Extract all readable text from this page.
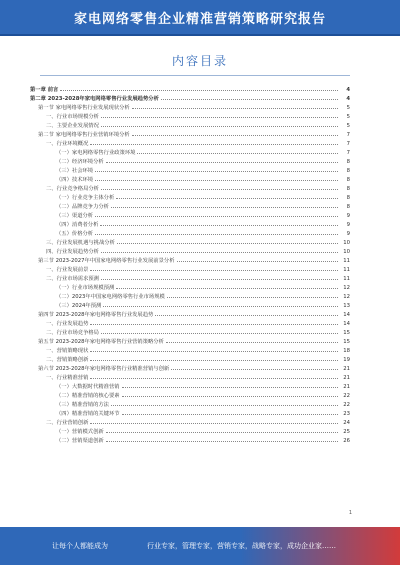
家电网络零售企业精准营销策略研究报告
内容目录
第一章 前言	4
第二章 2023-2028年家电网络零售行业发展趋势分析	4
第一节 家电网络零售行业发展现状分析	5
一、行业市场规模分析	5
二、主要企业发展情况	5
第二节 家电网络零售行业营销环境分析	7
一、行业环境概况	7
（一）家电网络零售行业政策环境	7
（二）经济环境分析	8
（三）社会环境	8
（四）技术环境	8
二、行业竞争格局分析	8
（一）行业竞争主体分析	8
（二）品牌竞争力分析	8
（三）渠道分析	9
（四）消费者分析	9
（五）价格分析	9
三、行业发展机遇与挑战分析	10
四、行业发展趋势分析	10
第三节 2023-2027年中国家电网络零售行业发展前景分析	11
一、行业发展前景	11
二、行业市场需求预测	11
（一）行业市场规模预测	12
（二）2023年中国家电网络零售行业市场规模	12
（三）2024年预测	13
第四节 2023-2028年家电网络零售行业发展趋势	14
一、行业发展趋势	14
二、行业市场竞争格局	15
第五节 2023-2028年家电网络零售行业营销策略分析	15
一、营销策略现状	18
二、营销策略创新	19
第六节 2023-2028年家电网络零售行业精准营销与创新	21
一、行业精准营销	21
（一）大数据时代精准营销	21
（二）精准营销的核心要素	22
（三）精准营销的方法	22
（四）精准营销的关键环节	23
二、行业营销创新	24
（一）营销模式创新	25
（二）营销渠道创新	26
1
让每个人都能成为	行业专家，管理专家，营销专家，战略专家，成功企业家……
